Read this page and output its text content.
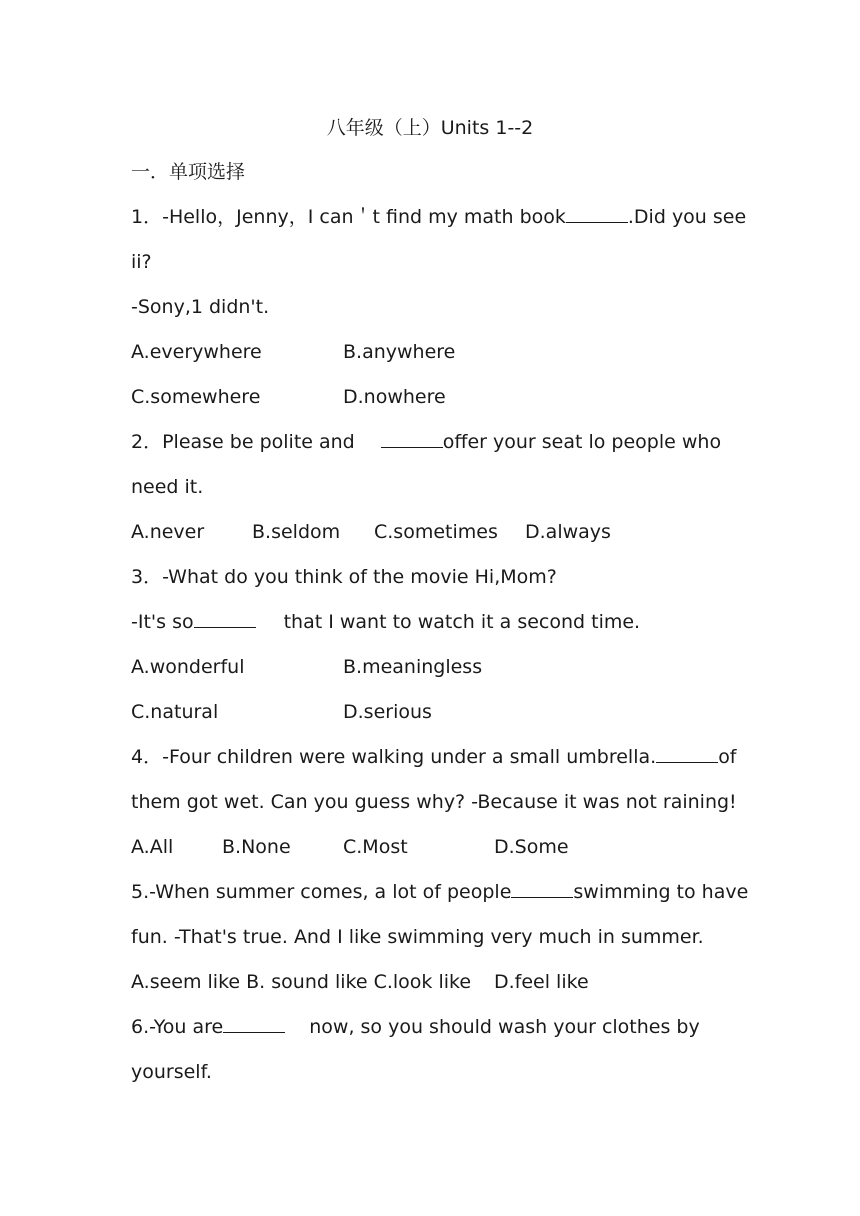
八年级（上）Units 1--2
一．单项选择
1．-Hello，Jenny，I can＇t find my math book	.Did you see
ii?
-Sony,1 didn't.
A.everywhere	B.anywhere
C.somewhere	D.nowhere
2．Please be polite and	offer your seat lo people who
need it.
A.never	B.seldom C.sometimes D.always
3．-What do you think of the movie Hi,Mom?
-It's so	that I want to watch it a second time.
A.wonderful	B.meaningless
C.natural	D.serious
4．-Four children were walking under a small umbrella.	of
them got wet. Can you guess why? -Because it was not raining!
A.All	B.None	C.Most	D.Some
5.-When summer comes, a lot of people	swimming to have
fun. -That's true. And I like swimming very much in summer.
A.seem like B. sound like C.look like D.feel like
6.-You are	now, so you should wash your clothes by
yourself.
